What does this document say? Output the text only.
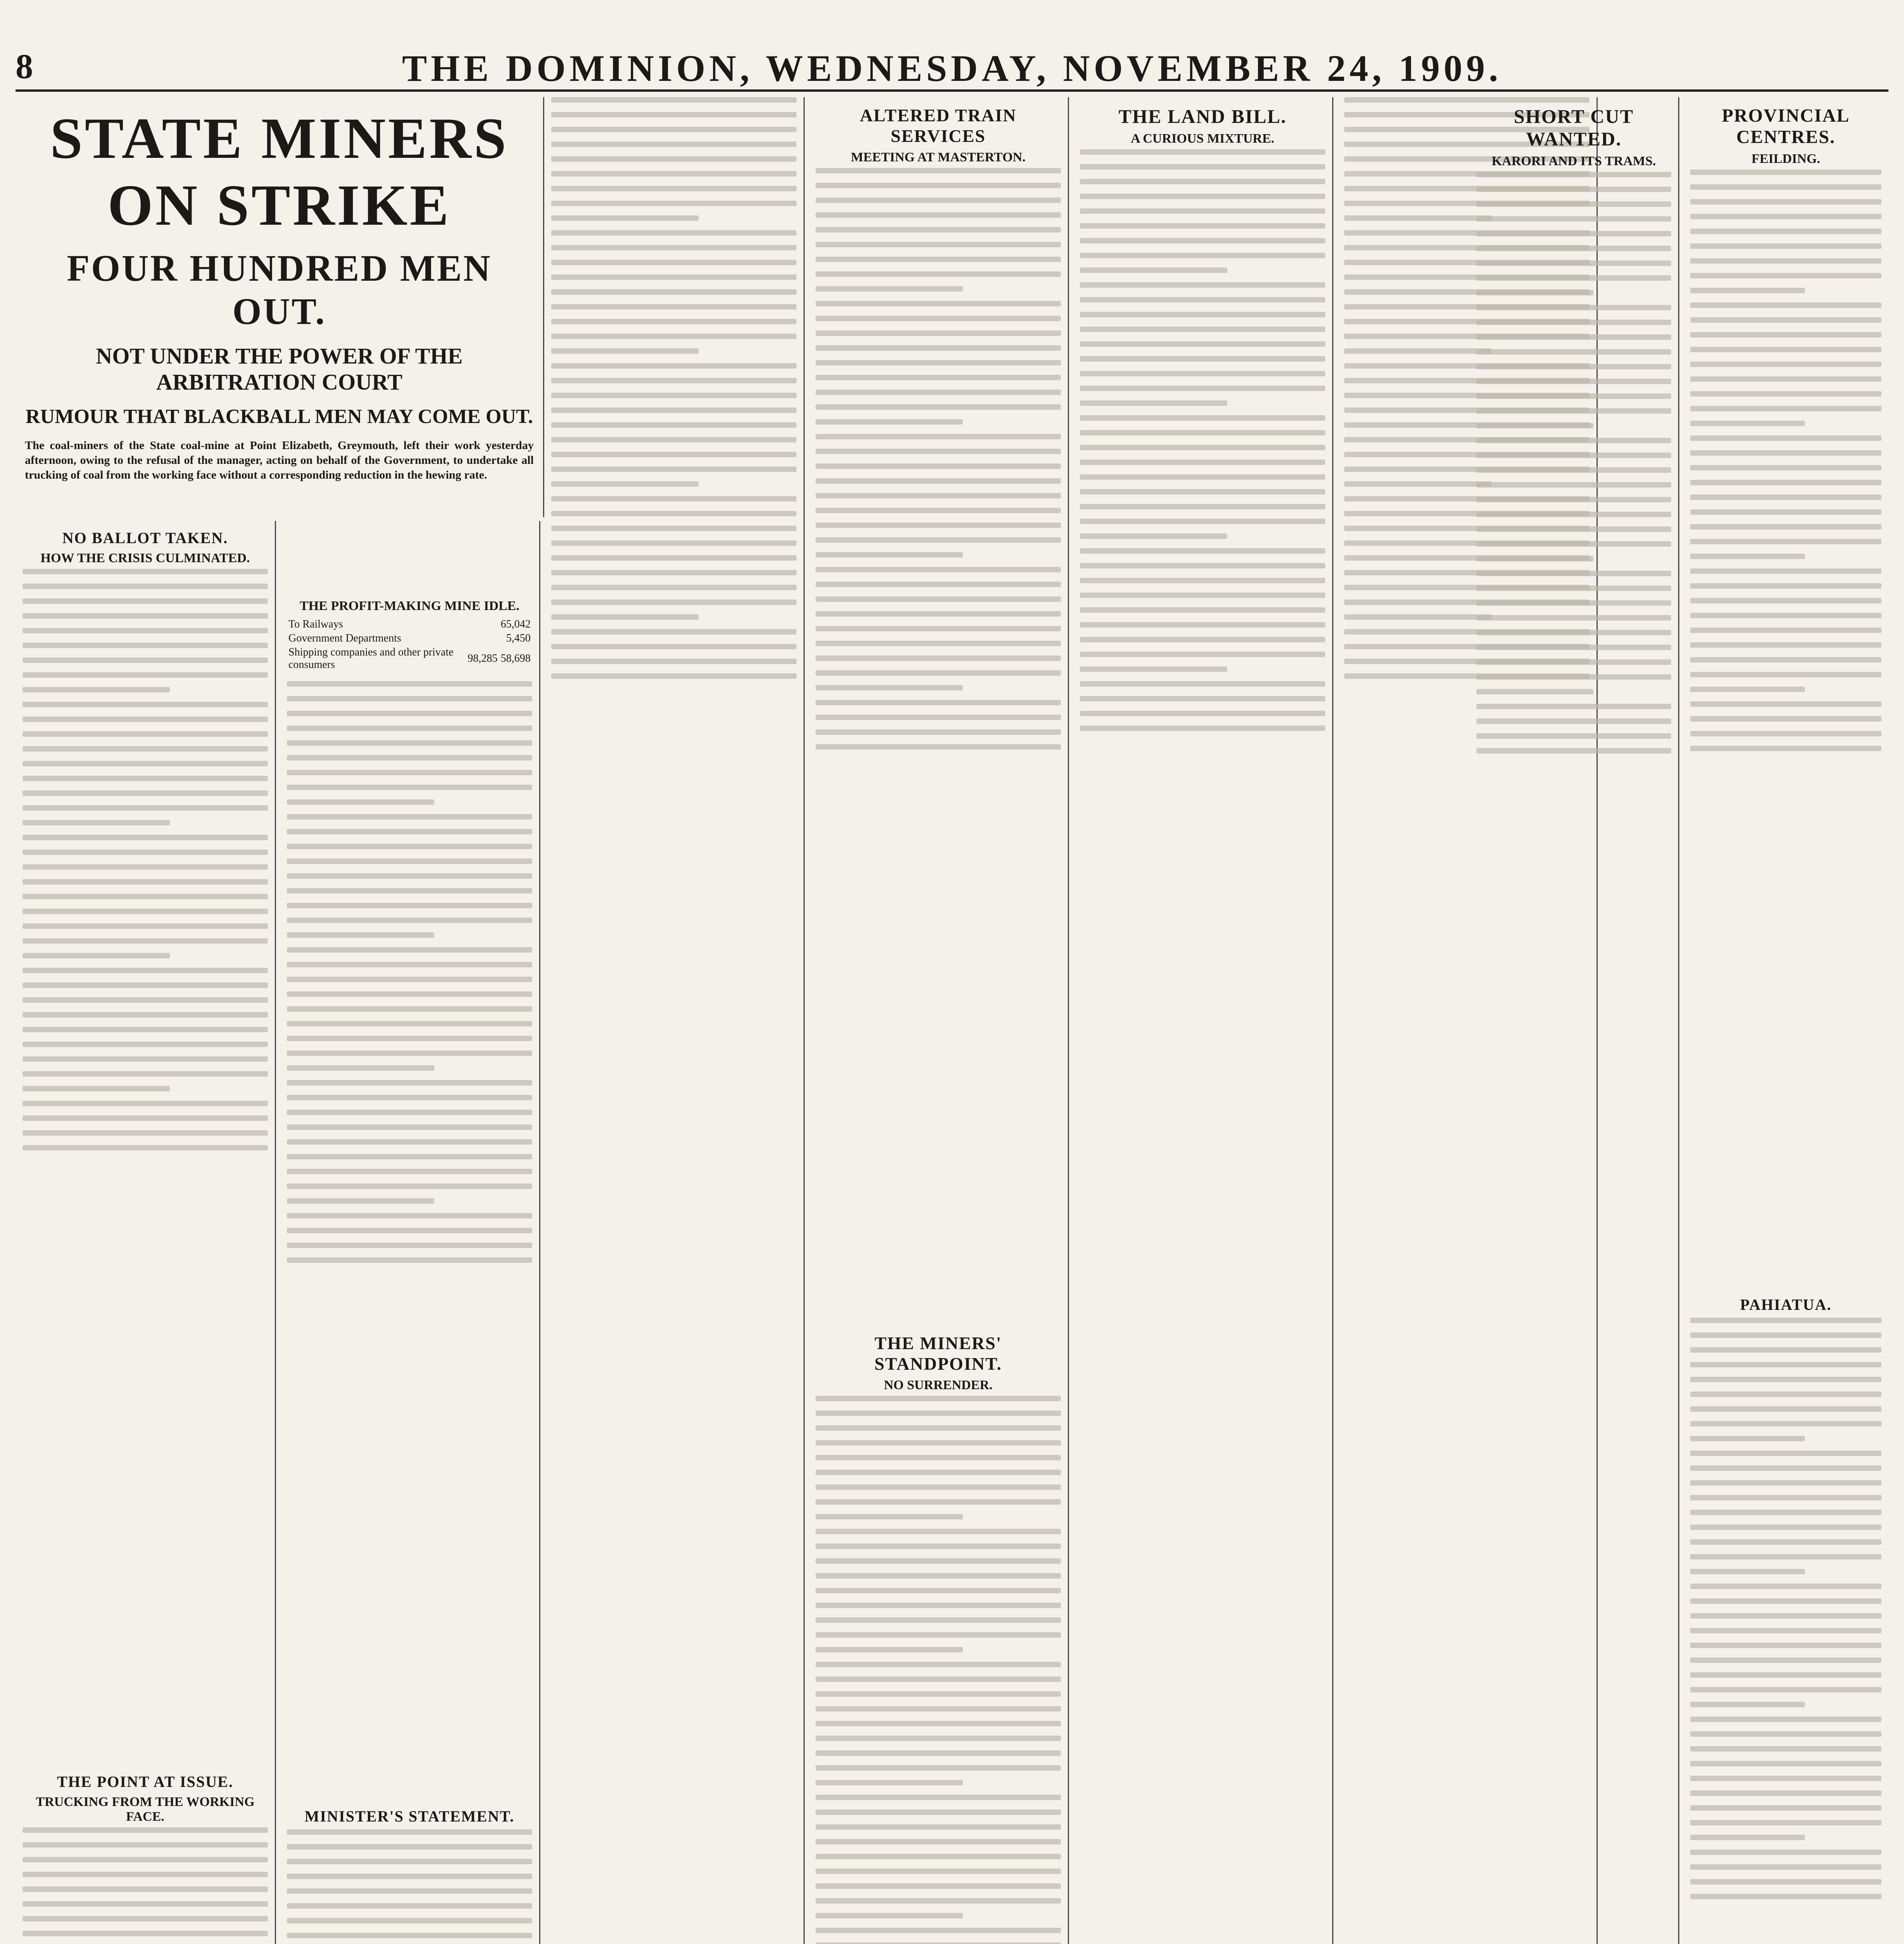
8	THE DOMINION, WEDNESDAY, NOVEMBER 24, 1909.
STATE MINERS ON STRIKE
FOUR HUNDRED MEN OUT.
NOT UNDER THE POWER OF THE ARBITRATION COURT
RUMOUR THAT BLACKBALL MEN MAY COME OUT.

The coal-miners of the State coal-mine at Point Elizabeth, Greymouth, left their work yesterday afternoon, owing to the refusal of the manager, acting on behalf of the Government, to undertake all trucking of coal from the working face without a corresponding reduction in the hewing rate.

NO BALLOT TAKEN.
HOW THE CRISIS CULMINATED.
THE POINT AT ISSUE.
TRUCKING FROM THE WORKING FACE.
THE PROFIT-MAKING MINE IDLE.
To Railways		65,042
Government Departments		5,450
Shipping companies and other private consumers	98,285	58,698
MINISTER'S STATEMENT.
ALTERED TRAIN SERVICES
MEETING AT MASTERTON.
THE MINERS' STANDPOINT.
NO SURRENDER.
THE LAND BILL.
A CURIOUS MIXTURE.
SHORT CUT WANTED.
KARORI AND ITS TRAMS.
PROVINCIAL CENTRES.
FEILDING.
PAHIATUA.
